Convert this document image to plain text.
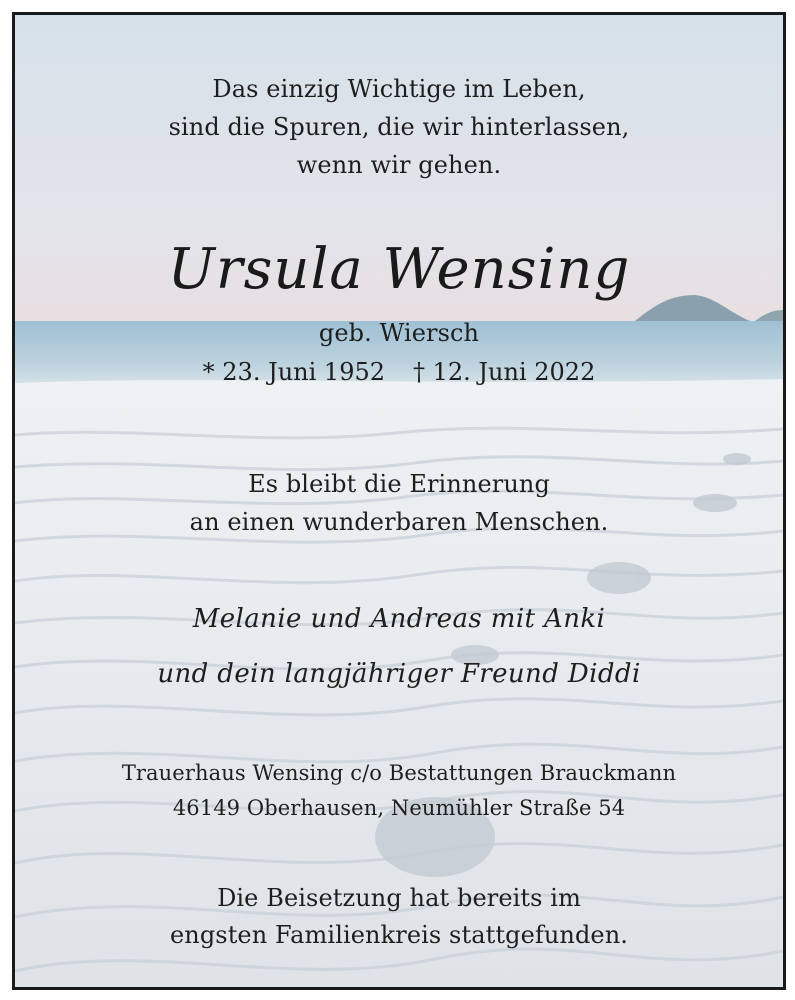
Das einzig Wichtige im Leben,
sind die Spuren, die wir hinterlassen,
wenn wir gehen.
Ursula Wensing
geb. Wiersch
* 23. Juni 1952 † 12. Juni 2022
Es bleibt die Erinnerung
an einen wunderbaren Menschen.
Melanie und Andreas mit Anki
und dein langjähriger Freund Diddi
Trauerhaus Wensing c/o Bestattungen Brauckmann
46149 Oberhausen, Neumühler Straße 54
Die Beisetzung hat bereits im
engsten Familienkreis stattgefunden.
